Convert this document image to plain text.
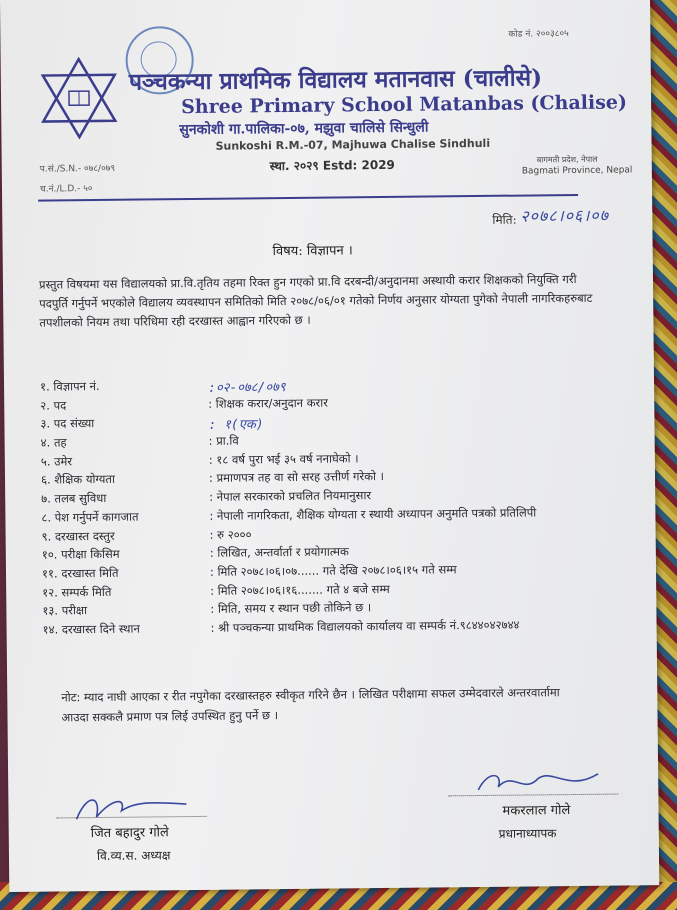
कोड नं. २००३८०५
पञ्चकन्या प्राथमिक विद्यालय मतानवास (चालीसे)
Shree Primary School Matanbas (Chalise)
सुनकोशी गा.पालिका-०७, मझुवा चालिसे सिन्धुली
Sunkoshi R.M.-07, Majhuwa Chalise Sindhuli
स्था. २०२९ Estd: 2029	बागमती प्रदेश, नेपाल
Bagmati Province, Nepal
प.सं./S.N.- ०७८/०७९
च.नं./L.D.- ५०
मिति: २०७८।०६।०७
विषय: विज्ञापन ।
प्रस्तुत विषयमा यस विद्यालयको प्रा.वि.तृतिय तहमा रिक्त हुन गएको प्रा.वि दरबन्दी/अनुदानमा अस्थायी करार शिक्षकको नियुक्ति गरी पदपुर्ति गर्नुपर्ने भएकोले विद्यालय व्यवस्थापन समितिको मिति २०७८/०६/०१ गतेको निर्णय अनुसार योग्यता पुगेको नेपाली नागरिकहरुबाट तपशीलको नियम तथा परिधिमा रही दरखास्त आह्वान गरिएको छ ।
१. विज्ञापन नं.	:०२-०७८/०७९
२. पद	: शिक्षक करार/अनुदान करार
३. पद संख्या	: १(एक)
४. तह	: प्रा.वि
५. उमेर	: १८ वर्ष पुरा भई ३५ वर्ष ननाघेको ।
६. शैक्षिक योग्यता	: प्रमाणपत्र तह वा सो सरह उत्तीर्ण गरेको ।
७. तलब सुविधा	: नेपाल सरकारको प्रचलित नियमानुसार
८. पेश गर्नुपर्ने कागजात	: नेपाली नागरिकता, शैक्षिक योग्यता र स्थायी अध्यापन अनुमति पत्रको प्रतिलिपी
९. दरखास्त दस्तुर	: रु २०००
१०. परीक्षा किसिम	: लिखित, अन्तर्वार्ता र प्रयोगात्मक
११. दरखास्त मिति	: मिति २०७८।०६।०७...... गते देखि २०७८।०६।१५ गते सम्म
१२. सम्पर्क मिति	: मिति २०७८।०६।१६....... गते ४ बजे सम्म
१३. परीक्षा	: मिति, समय र स्थान पछी तोकिने छ ।
१४. दरखास्त दिने स्थान	: श्री पञ्चकन्या प्राथमिक विद्यालयको कार्यालय वा सम्पर्क नं.९८४४०४२७४४
नोट: म्याद नाघी आएका र रीत नपुगेका दरखास्तहरु स्वीकृत गरिने छैन । लिखित परीक्षामा सफल उम्मेदवारले अन्तरवार्तामा आउदा सक्कलै प्रमाण पत्र लिई उपस्थित हुनु पर्ने छ ।
जित बहादुर गोले
वि.व्य.स. अध्यक्ष
मकरलाल गोले
प्रधानाध्यापक
